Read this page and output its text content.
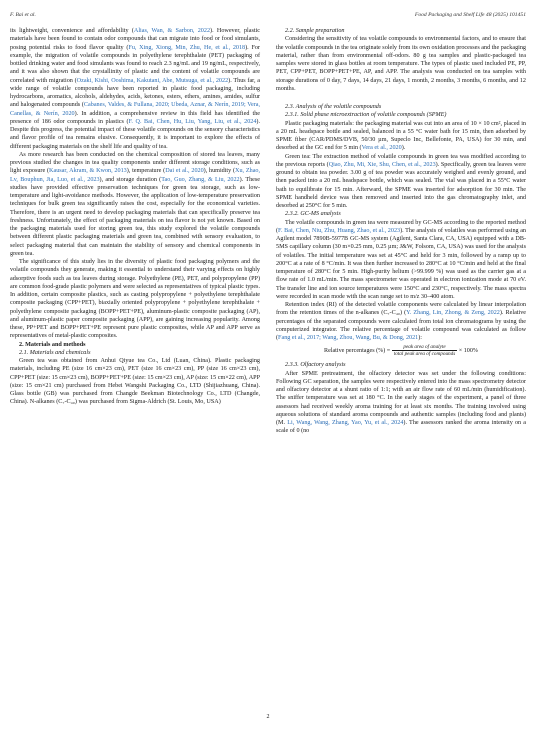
F. Bai et al.	Food Packaging and Shelf Life 48 (2025) 101451

its lightweight, convenience and affordability (Alias, Wan, & Sarbon, 2022). However, plastic materials have been found to contain odor compounds that can migrate into food or food simulants, posing potential risks to food flavor quality (Fu, Xing, Xiong, Min, Zhu, He, et al., 2018). For example, the migration of volatile compounds in polyethylene terephthalate (PET) packaging of bottled drinking water and food simulants was found to reach 2.3 ng/mL and 19 ng/mL, respectively, and it was also shown that the crystallinity of plastic and the content of volatile compounds are correlated with migration (Ozaki, Kishi, Ooshima, Kakutani, Abe, Mutsuga, et al., 2022). Thus far, a wide range of volatile compounds have been reported in plastic food packaging, including hydrocarbons, aromatics, alcohols, aldehydes, acids, ketones, esters, ethers, amines, amides, sulfur and halogenated compounds (Cabanes, Valdes, & Fullana, 2020; Ubeda, Aznar, & Nerín, 2019; Vera, Canellas, & Nerín, 2020). In addition, a comprehensive review in this field has identified the presence of 186 odor compounds in plastics (F. Q. Bai, Chen, Hu, Liu, Yang, Liu, et al., 2024). Despite this progress, the potential impact of these volatile compounds on the sensory characteristics and flavor profile of tea remains elusive. Consequently, it is important to explore the effects of different packaging materials on the shelf life and quality of tea.

As more research has been conducted on the chemical composition of stored tea leaves, many previous studied the changes in tea quality components under different storage conditions, such as light exposure (Kausar, Akram, & Kwon, 2013), temperature (Dai et al., 2020), humidity (Xu, Zhao, Lv, Bouphun, Jia, Luo, et al., 2023), and storage duration (Tao, Guo, Zhang, & Liu, 2022). These studies have provided effective preservation techniques for green tea storage, such as low-temperature and light-avoidance methods. However, the application of low-temperature preservation techniques for bulk green tea significantly raises the cost, especially for the economical varieties. Therefore, there is an urgent need to develop packaging materials that can specifically preserve tea freshness. Unfortunately, the effect of packaging materials on tea flavor is not yet known. Based on the packaging materials used for storing green tea, this study explored the volatile compounds between different plastic packaging materials and green tea, combined with sensory evaluation, to select packaging material that can maintain the stability of sensory and chemical components in green tea.

The significance of this study lies in the diversity of plastic food packaging polymers and the volatile compounds they generate, making it essential to understand their varying effects on highly adsorptive foods such as tea leaves during storage. Polyethylene (PE), PET, and polypropylene (PP) are common food-grade plastic polymers and were selected as representatives of typical plastic types. In addition, certain composite plastics, such as casting polypropylene + polyethylene terephthalate composite packaging (CPP+PET), biaxially oriented polypropylene + polyethylene terephthalate + polyethylene composite packaging (BOPP+PET+PE), aluminum-plastic composite packaging (AP), and aluminum-plastic paper composite packaging (APP), are gaining increasing popularity. Among these, PP+PET and BOPP+PET+PE represent pure plastic composites, while AP and APP serve as representatives of metal-plastic composites.

2. Materials and methods

2.1. Materials and chemicals

Green tea was obtained from Anhui Qiyue tea Co., Ltd (Luan, China). Plastic packaging materials, including PE (size 16 cm×23 cm), PET (size 16 cm×23 cm), PP (size 16 cm×23 cm), CPP+PET (size: 15 cm×23 cm), BOPP+PET+PE (size: 15 cm×23 cm), AP (size: 15 cm×22 cm), APP (size: 15 cm×21 cm) purchased from Hebei Wangshi Packaging Co., LTD (Shijiazhuang, China). Glass bottle (GB) was purchased from Changde Beekman Biotechnology Co., LTD (Changde, China). N-alkanes (C₇-C₄₀) was purchased from Sigma-Aldrich (St. Louis, Mo, USA)

2.2. Sample preparation

Considering the sensitivity of tea volatile compounds to environmental factors, and to ensure that the volatile compounds in the tea originate solely from its own oxidation processes and the packaging material, rather than from environmental off-odors. 80 g tea samples and plastic-packaged tea samples were stored in glass bottles at room temperature. The types of plastic used included PE, PP, PET, CPP+PET, BOPP+PET+PE, AP, and APP. The analysis was conducted on tea samples with storage durations of 0 day, 7 days, 14 days, 21 days, 1 month, 2 months, 3 months, 6 months, and 12 months.

2.3. Analysis of the volatile compounds

2.3.1. Solid phase microextraction of volatile compounds (SPME)

Plastic packaging materials: the packaging material was cut into an area of 10 × 10 cm², placed in a 20 mL headspace bottle and sealed, balanced in a 55 °C water bath for 15 min, then adsorbed by SPME fiber (CAR/PDMS/DVB, 50/30 µm, Supeclo Inc, Bellefonte, PA, USA) for 30 min, and desorbed at the GC end for 5 min (Vera et al., 2020).

Green tea: The extraction method of volatile compounds in green tea was modified according to the previous reports (Qiao, Zhu, Mi, Xie, Shu, Chen, et al., 2023). Specifically, green tea leaves were ground to obtain tea powder. 3.00 g of tea powder was accurately weighed and evenly ground, and then packed into a 20 mL headspace bottle, which was sealed. The vial was placed in a 55°C water bath to equilibrate for 15 min. Afterward, the SPME was inserted for adsorption for 30 min. The SPME handheld device was then removed and inserted into the gas chromatography inlet, and desorbed at 250°C for 5 min.

2.3.2. GC-MS analysis

The volatile compounds in green tea were measured by GC-MS according to the reported method (F. Bai, Chen, Niu, Zhu, Huang, Zhao, et al., 2023). The analysis of volatiles was performed using an Agilent model 7890B-5977B GC-MS system (Agilent, Santa Clara, CA, USA) equipped with a DB-5MS capillary column (30 m×0.25 mm, 0.25 µm; J&W, Folsom, CA, USA) was used for the analysis of volatiles. The initial temperature was set at 45°C and held for 3 min, followed by a ramp up to 200°C at a rate of 8 °C/min. It was then further increased to 280°C at 10 °C/min and held at the final temperature of 280°C for 5 min. High-purity helium (>99.999 %) was used as the carrier gas at a flow rate of 1.0 mL/min. The mass spectrometer was operated in electron ionization mode at 70 eV. The transfer line and ion source temperatures were 150°C and 230°C, respectively. The mass spectra were recorded in scan mode with the scan range set to m/z 30–400 atom.

Retention index (RI) of the detected volatile components were calculated by linear interpolation from the retention times of the n-alkanes (C₇-C₄₀) (Y. Zhang, Lin, Zhong, & Zeng, 2022). Relative percentages of the separated compounds were calculated from total ion chromatograms by using the computerized integrator. The relative percentage of volatile compound was calculated as follow (Fang et al., 2017; Wang, Zhou, Wang, Bu, & Dong, 2021):

Relative percentages (%) = $\frac{\text{peak area of analyte}}{\text{total peak area of compounds}} \times 100\%$

2.3.3. Olfactory analysis

After SPME pretreatment, the olfactory detector was set under the following conditions: Following GC separation, the samples were respectively entered into the mass spectrometry detector and olfactory detector at a shunt ratio of 1:1; with an air flow rate of 60 mL/min (humidification). The sniffer temperature was set at 180 °C. In the early stages of the experiment, a panel of three assessors had received weekly aroma training for at least six months. The training involved using aqueous solutions of standard aroma compounds and authentic samples (including food and plants) (M. Li, Wang, Wang, Zhang, Yao, Yu, et al., 2024). The assessors ranked the aroma intensity on a scale of 0 (no

2
